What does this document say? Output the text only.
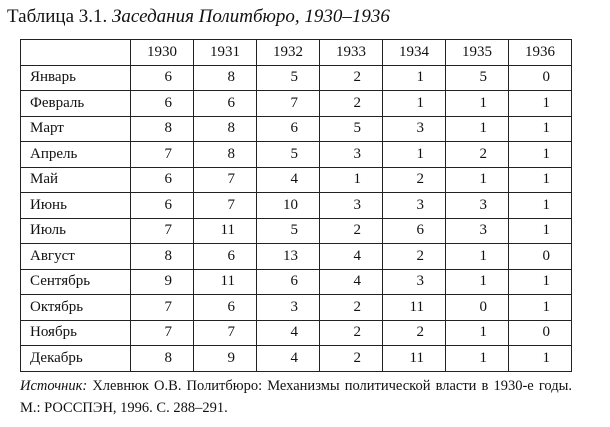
Таблица 3.1. Заседания Политбюро, 1930–1936
	1930	1931	1932	1933	1934	1935	1936
Январь	6	8	5	2	1	5	0
Февраль	6	6	7	2	1	1	1
Март	8	8	6	5	3	1	1
Апрель	7	8	5	3	1	2	1
Май	6	7	4	1	2	1	1
Июнь	6	7	10	3	3	3	1
Июль	7	11	5	2	6	3	1
Август	8	6	13	4	2	1	0
Сентябрь	9	11	6	4	3	1	1
Октябрь	7	6	3	2	11	0	1
Ноябрь	7	7	4	2	2	1	0
Декабрь	8	9	4	2	11	1	1
Источник: Хлевнюк О.В. Политбюро: Механизмы политической власти в 1930-е годы. М.: РОССПЭН, 1996. С. 288–291.
